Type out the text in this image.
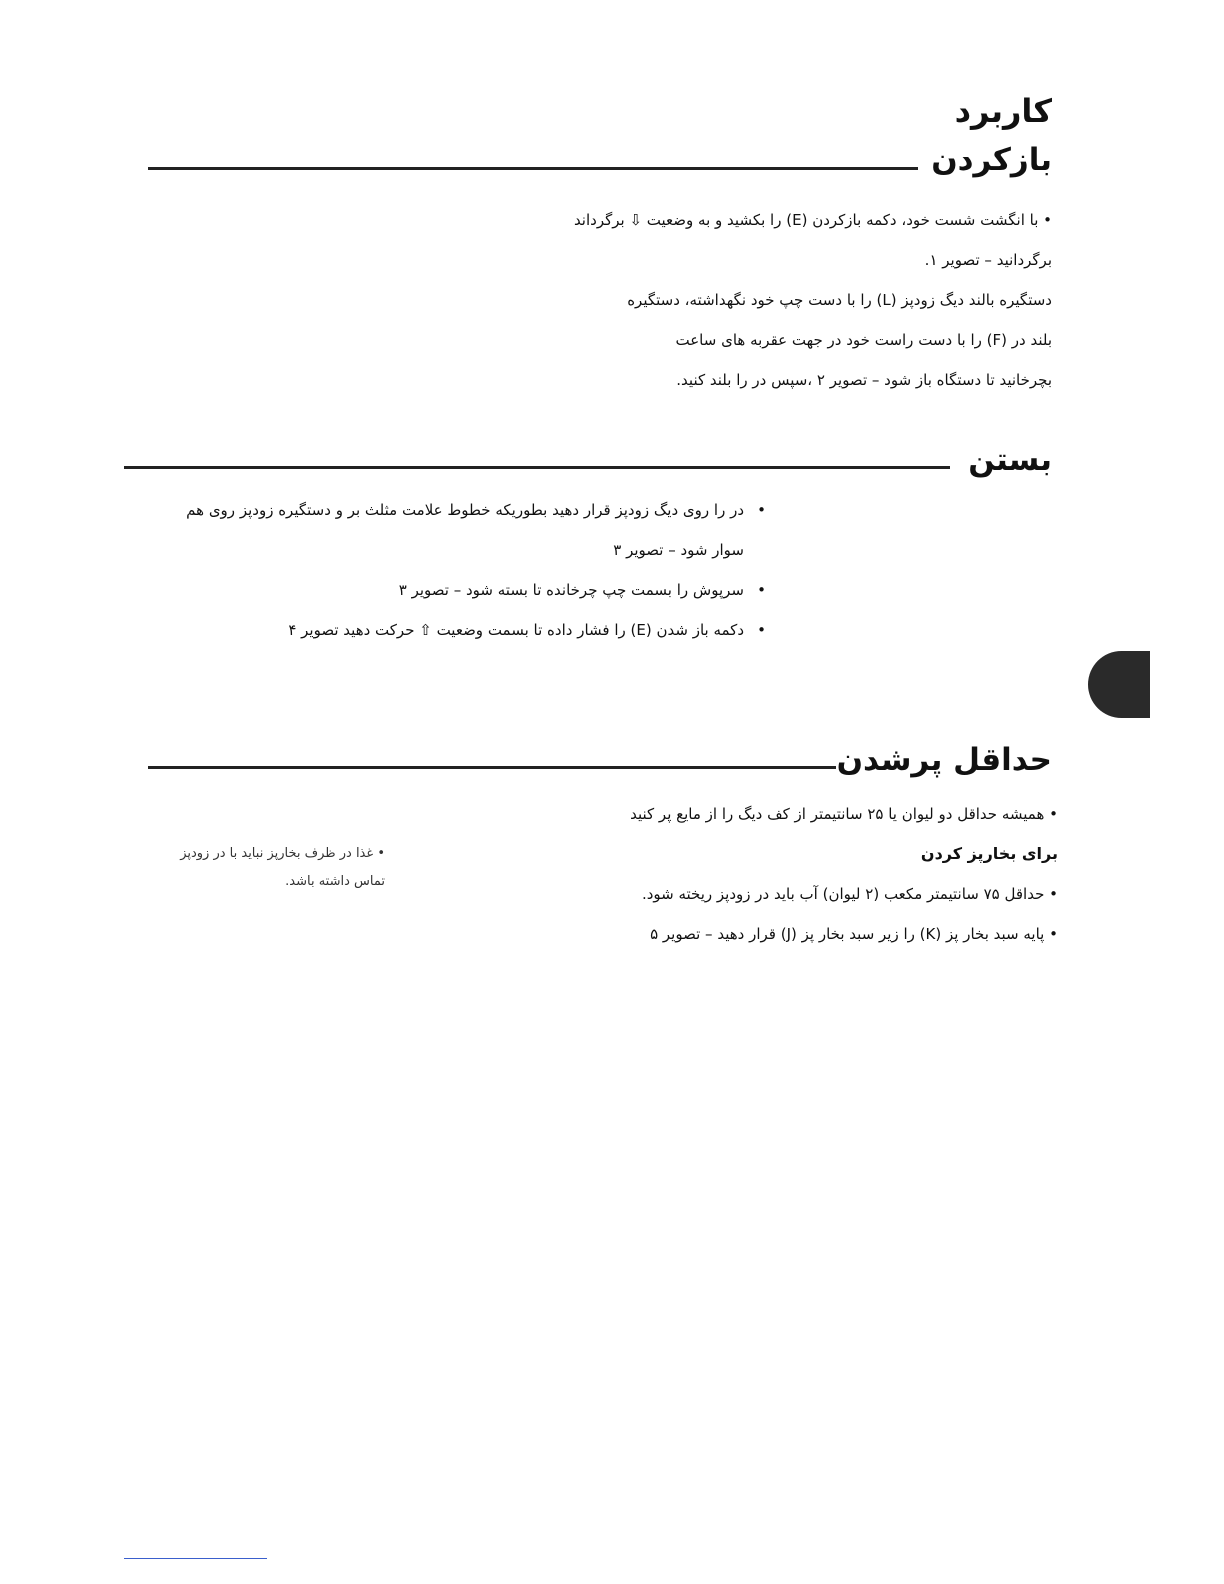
کاربرد
بازکردن

• با انگشت شست خود، دکمه بازکردن (E) را بکشید و به وضعیت ⇩ برگرداند

برگردانید – تصویر ۱.

دستگیره بالند دیگ زودپز (L) را با دست چپ خود نگهداشته، دستگیره

بلند در (F) را با دست راست خود در جهت عقربه های ساعت

بچرخانید تا دستگاه باز شود – تصویر ۲ ،سپس در را بلند کنید.

بستن
•
در را روی دیگ زودپز قرار دهید بطوریکه خطوط علامت مثلث بر و دستگیره زودپز روی هم سوار شود – تصویر ۳
•
سرپوش را بسمت چپ چرخانده تا بسته شود – تصویر ۳
•
دکمه باز شدن (E) را فشار داده تا بسمت وضعیت ⇧ حرکت دهید تصویر ۴
حداقل پرشدن

• همیشه حداقل دو لیوان یا ۲۵ سانتیمتر از کف دیگ را از مایع پر کنید

برای بخارپز کردن

• حداقل ۷۵ سانتیمتر مکعب (۲ لیوان) آب باید در زودپز ریخته شود.

• پایه سبد بخار پز (K) را زیر سبد بخار پز (J) قرار دهید – تصویر ۵

• غذا در ظرف بخارپز نباید با در زودپز تماس داشته باشد.
